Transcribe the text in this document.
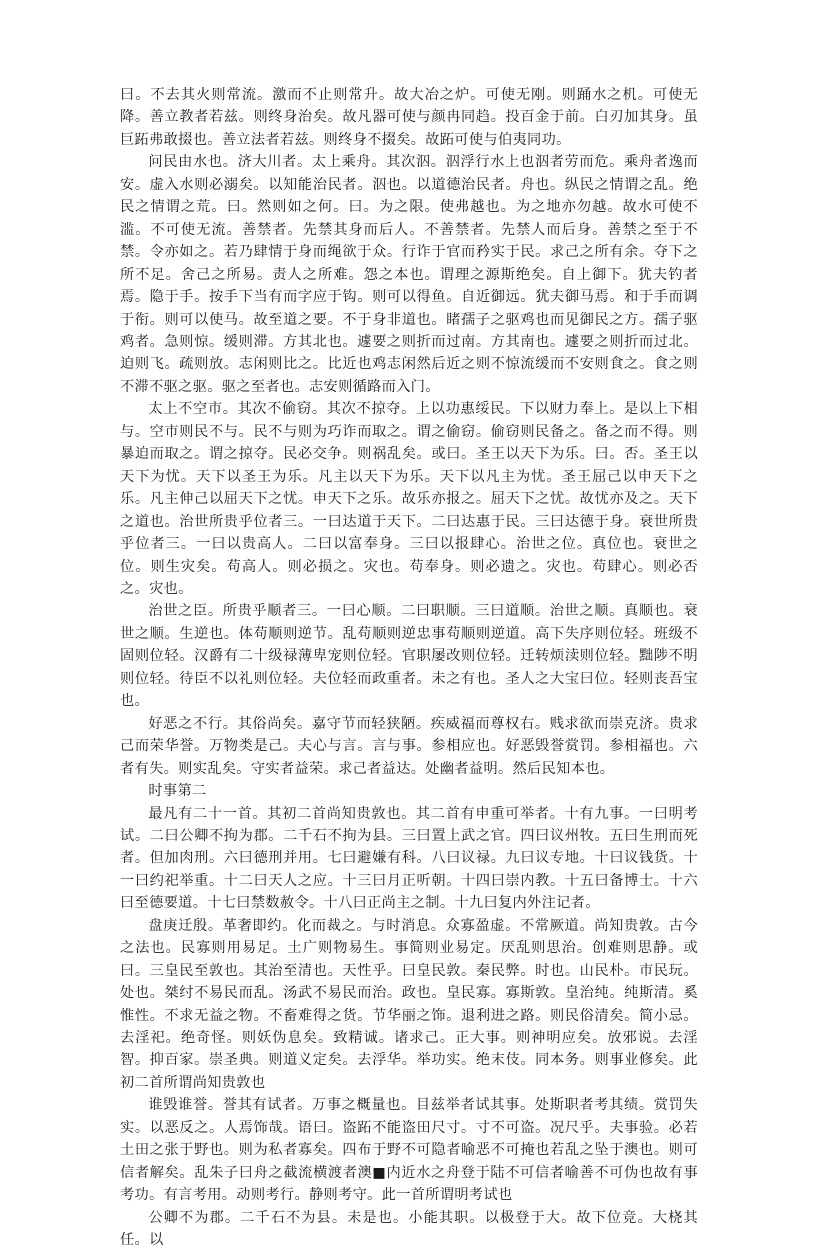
曰。不去其火则常流。激而不止则常升。故大冶之炉。可使无刚。则踊水之机。可使无降。善立教者若兹。则终身治矣。故凡器可使与颜冉同趋。投百金于前。白刃加其身。虽巨跖弗敢掇也。善立法者若兹。则终身不掇矣。故跖可使与伯夷同功。

问民由水也。济大川者。太上乘舟。其次泅。泅浮行水上也泅者劳而危。乘舟者逸而安。虚入水则必溺矣。以知能治民者。泅也。以道德治民者。舟也。纵民之情谓之乱。绝民之情谓之荒。曰。然则如之何。曰。为之限。使弗越也。为之地亦勿越。故水可使不滥。不可使无流。善禁者。先禁其身而后人。不善禁者。先禁人而后身。善禁之至于不禁。令亦如之。若乃肆情于身而绳欲于众。行诈于官而矜实于民。求己之所有余。夺下之所不足。舍己之所易。责人之所难。怨之本也。谓理之源斯绝矣。自上御下。犹夫钓者焉。隐于手。按手下当有而字应于钩。则可以得鱼。自近御远。犹夫御马焉。和于手而调于衔。则可以使马。故至道之要。不于身非道也。睹孺子之驱鸡也而见御民之方。孺子驱鸡者。急则惊。缓则滞。方其北也。遽要之则折而过南。方其南也。遽要之则折而过北。迫则飞。疏则放。志闲则比之。比近也鸡志闲然后近之则不惊流缓而不安则食之。食之则不滞不驱之驱。驱之至者也。志安则循路而入门。

太上不空市。其次不偷窃。其次不掠夺。上以功惠绥民。下以财力奉上。是以上下相与。空市则民不与。民不与则为巧诈而取之。谓之偷窃。偷窃则民备之。备之而不得。则暴迫而取之。谓之掠夺。民必交争。则祸乱矣。或曰。圣王以天下为乐。曰。否。圣王以天下为忧。天下以圣王为乐。凡主以天下为乐。天下以凡主为忧。圣王屈己以申天下之乐。凡主伸己以屈天下之忧。申天下之乐。故乐亦报之。屈天下之忧。故忧亦及之。天下之道也。治世所贵乎位者三。一曰达道于天下。二曰达惠于民。三曰达德于身。衰世所贵乎位者三。一曰以贵高人。二曰以富奉身。三曰以报肆心。治世之位。真位也。衰世之位。则生灾矣。苟高人。则必损之。灾也。苟奉身。则必遗之。灾也。苟肆心。则必否之。灾也。

治世之臣。所贵乎顺者三。一曰心顺。二曰职顺。三曰道顺。治世之顺。真顺也。衰世之顺。生逆也。体苟顺则逆节。乱苟顺则逆忠事苟顺则逆道。高下失序则位轻。班级不固则位轻。汉爵有二十级禄薄卑宠则位轻。官职屡改则位轻。迁转烦渎则位轻。黜陟不明则位轻。待臣不以礼则位轻。夫位轻而政重者。未之有也。圣人之大宝曰位。轻则丧吾宝也。

好恶之不行。其俗尚矣。嘉守节而轻狭陋。疾威福而尊权右。贱求欲而崇克济。贵求己而荣华誉。万物类是己。夫心与言。言与事。参相应也。好恶毁誉赏罚。参相福也。六者有失。则实乱矣。守实者益荣。求己者益达。处幽者益明。然后民知本也。

时事第二

最凡有二十一首。其初二首尚知贵敦也。其二首有申重可举者。十有九事。一曰明考试。二曰公卿不拘为郡。二千石不拘为县。三曰置上武之官。四曰议州牧。五曰生刑而死者。但加肉刑。六曰德刑并用。七曰避嫌有科。八曰议禄。九曰议专地。十曰议钱货。十一曰约祀举重。十二曰天人之应。十三曰月正听朝。十四曰崇内教。十五曰备博士。十六曰至德要道。十七曰禁数赦令。十八曰正尚主之制。十九曰复内外注记者。

盘庚迁殷。革奢即约。化而裁之。与时消息。众寡盈虚。不常厥道。尚知贵敦。古今之法也。民寡则用易足。土广则物易生。事简则业易定。厌乱则思治。创难则思静。或曰。三皇民至敦也。其治至清也。天性乎。曰皇民敦。秦民弊。时也。山民朴。市民玩。处也。桀纣不易民而乱。汤武不易民而治。政也。皇民寡。寡斯敦。皇治纯。纯斯清。奚惟性。不求无益之物。不畜难得之货。节华丽之饰。退利进之路。则民俗清矣。简小忌。去淫祀。绝奇怪。则妖伪息矣。致精诚。诸求己。正大事。则神明应矣。放邪说。去淫智。抑百家。崇圣典。则道义定矣。去浮华。举功实。绝末伎。同本务。则事业修矣。此初二首所谓尚知贵敦也

谁毁谁誉。誉其有试者。万事之概量也。目兹举者试其事。处斯职者考其绩。赏罚失实。以恶反之。人焉饰哉。语曰。盗跖不能盗田尺寸。寸不可盗。况尺乎。夫事验。必若土田之张于野也。则为私者寡矣。四布于野不可隐者喻恶不可掩也若乱之坠于澳也。则可信者解矣。乱朱子曰舟之截流横渡者澳■内近水之舟登于陆不可信者喻善不可伪也故有事考功。有言考用。动则考行。静则考守。此一首所谓明考试也

公卿不为郡。二千石不为县。未是也。小能其职。以极登于大。故下位竞。大桡其任。以
